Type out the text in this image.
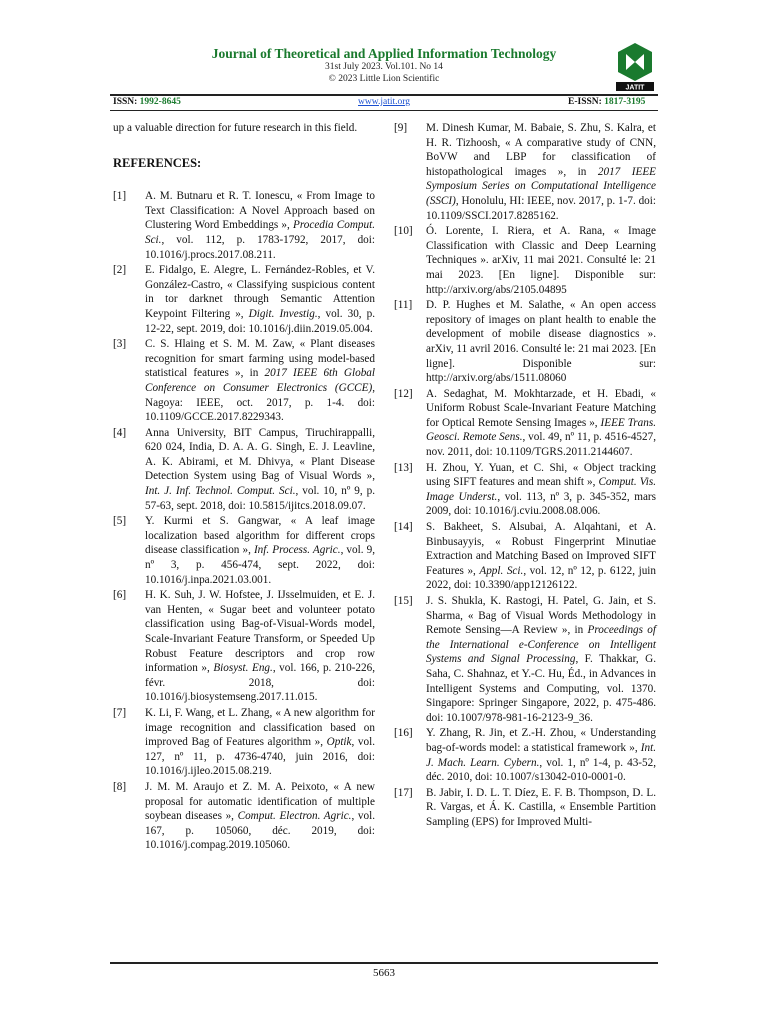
Journal of Theoretical and Applied Information Technology
31st July 2023. Vol.101. No 14
© 2023 Little Lion Scientific
JATIT
ISSN: 1992-8645	www.jatit.org	E-ISSN: 1817-3195

up a valuable direction for future research in this field.

REFERENCES:
[1]	A. M. Butnaru et R. T. Ionescu, « From Image to Text Classification: A Novel Approach based on Clustering Word Embeddings », Procedia Comput. Sci., vol. 112, p. 1783-1792, 2017, doi: 10.1016/j.procs.2017.08.211.
[2]	E. Fidalgo, E. Alegre, L. Fernández-Robles, et V. González-Castro, « Classifying suspicious content in tor darknet through Semantic Attention Keypoint Filtering », Digit. Investig., vol. 30, p. 12-22, sept. 2019, doi: 10.1016/j.diin.2019.05.004.
[3]	C. S. Hlaing et S. M. M. Zaw, « Plant diseases recognition for smart farming using model-based statistical features », in 2017 IEEE 6th Global Conference on Consumer Electronics (GCCE), Nagoya: IEEE, oct. 2017, p. 1-4. doi: 10.1109/GCCE.2017.8229343.
[4]	Anna University, BIT Campus, Tiruchirappalli, 620 024, India, D. A. A. G. Singh, E. J. Leavline, A. K. Abirami, et M. Dhivya, « Plant Disease Detection System using Bag of Visual Words », Int. J. Inf. Technol. Comput. Sci., vol. 10, nº 9, p. 57-63, sept. 2018, doi: 10.5815/ijitcs.2018.09.07.
[5]	Y. Kurmi et S. Gangwar, « A leaf image localization based algorithm for different crops disease classification », Inf. Process. Agric., vol. 9, nº 3, p. 456-474, sept. 2022, doi: 10.1016/j.inpa.2021.03.001.
[6]	H. K. Suh, J. W. Hofstee, J. IJsselmuiden, et E. J. van Henten, « Sugar beet and volunteer potato classification using Bag-of-Visual-Words model, Scale-Invariant Feature Transform, or Speeded Up Robust Feature descriptors and crop row information », Biosyst. Eng., vol. 166, p. 210-226, févr. 2018, doi: 10.1016/j.biosystemseng.2017.11.015.
[7]	K. Li, F. Wang, et L. Zhang, « A new algorithm for image recognition and classification based on improved Bag of Features algorithm », Optik, vol. 127, nº 11, p. 4736-4740, juin 2016, doi: 10.1016/j.ijleo.2015.08.219.
[8]	J. M. M. Araujo et Z. M. A. Peixoto, « A new proposal for automatic identification of multiple soybean diseases », Comput. Electron. Agric., vol. 167, p. 105060, déc. 2019, doi: 10.1016/j.compag.2019.105060.
[9]	M. Dinesh Kumar, M. Babaie, S. Zhu, S. Kalra, et H. R. Tizhoosh, « A comparative study of CNN, BoVW and LBP for classification of histopathological images », in 2017 IEEE Symposium Series on Computational Intelligence (SSCI), Honolulu, HI: IEEE, nov. 2017, p. 1-7. doi: 10.1109/SSCI.2017.8285162.
[10]	Ó. Lorente, I. Riera, et A. Rana, « Image Classification with Classic and Deep Learning Techniques ». arXiv, 11 mai 2021. Consulté le: 21 mai 2023. [En ligne]. Disponible sur: http://arxiv.org/abs/2105.04895
[11]	D. P. Hughes et M. Salathe, « An open access repository of images on plant health to enable the development of mobile disease diagnostics ». arXiv, 11 avril 2016. Consulté le: 21 mai 2023. [En ligne]. Disponible sur: http://arxiv.org/abs/1511.08060
[12]	A. Sedaghat, M. Mokhtarzade, et H. Ebadi, « Uniform Robust Scale-Invariant Feature Matching for Optical Remote Sensing Images », IEEE Trans. Geosci. Remote Sens., vol. 49, nº 11, p. 4516-4527, nov. 2011, doi: 10.1109/TGRS.2011.2144607.
[13]	H. Zhou, Y. Yuan, et C. Shi, « Object tracking using SIFT features and mean shift », Comput. Vis. Image Underst., vol. 113, nº 3, p. 345-352, mars 2009, doi: 10.1016/j.cviu.2008.08.006.
[14]	S. Bakheet, S. Alsubai, A. Alqahtani, et A. Binbusayyis, « Robust Fingerprint Minutiae Extraction and Matching Based on Improved SIFT Features », Appl. Sci., vol. 12, nº 12, p. 6122, juin 2022, doi: 10.3390/app12126122.
[15]	J. S. Shukla, K. Rastogi, H. Patel, G. Jain, et S. Sharma, « Bag of Visual Words Methodology in Remote Sensing—A Review », in Proceedings of the International e-Conference on Intelligent Systems and Signal Processing, F. Thakkar, G. Saha, C. Shahnaz, et Y.-C. Hu, Éd., in Advances in Intelligent Systems and Computing, vol. 1370. Singapore: Springer Singapore, 2022, p. 475-486. doi: 10.1007/978-981-16-2123-9_36.
[16]	Y. Zhang, R. Jin, et Z.-H. Zhou, « Understanding bag-of-words model: a statistical framework », Int. J. Mach. Learn. Cybern., vol. 1, nº 1-4, p. 43-52, déc. 2010, doi: 10.1007/s13042-010-0001-0.
[17]	B. Jabir, I. D. L. T. Díez, E. F. B. Thompson, D. L. R. Vargas, et Á. K. Castilla, « Ensemble Partition Sampling (EPS) for Improved Multi-
5663
